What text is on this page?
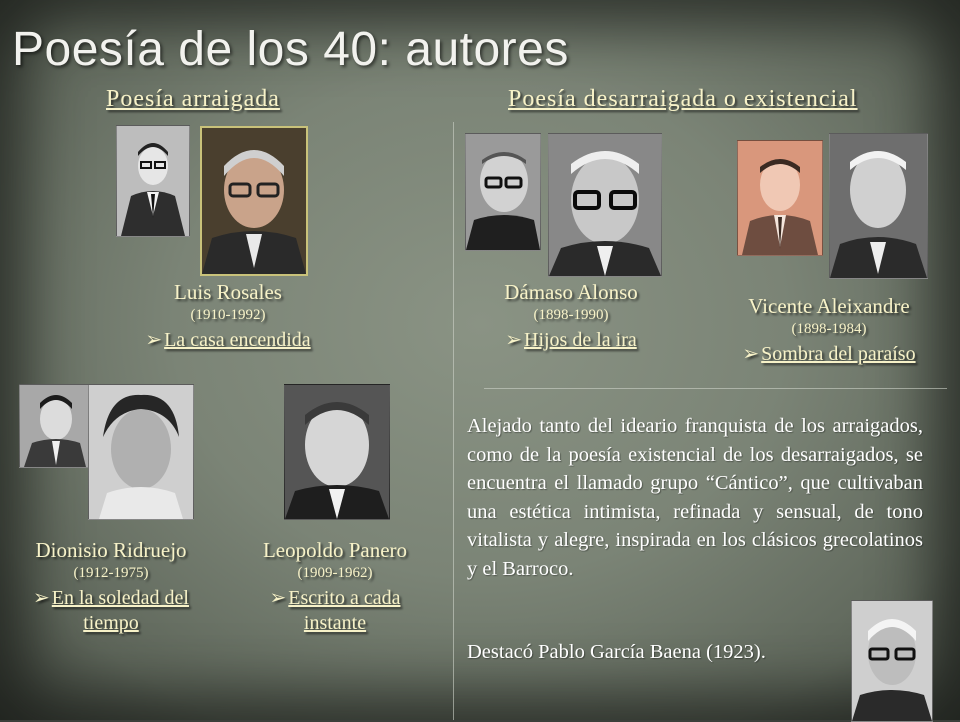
Poesía de los 40: autores
Poesía arraigada	Poesía desarraigada o existencial
Luis Rosales
(1910-1992)
➢ La casa encendida
Dámaso Alonso
(1898-1990)
➢ Hijos de la ira
Vicente Aleixandre
(1898-1984)
➢ Sombra del paraíso
Dionisio Ridruejo
(1912-1975)
➢ En la soledad del
tiempo
Leopoldo Panero
(1909-1962)
➢ Escrito a cada
instante
Alejado tanto del ideario franquista de los arraigados, como de la poesía existencial de los desarraigados, se encuentra el llamado grupo “Cántico”, que cultivaban una estética intimista, refinada y sensual, de tono vitalista y alegre, inspirada en los clásicos grecolatinos y el Barroco.
Destacó Pablo García Baena (1923).
